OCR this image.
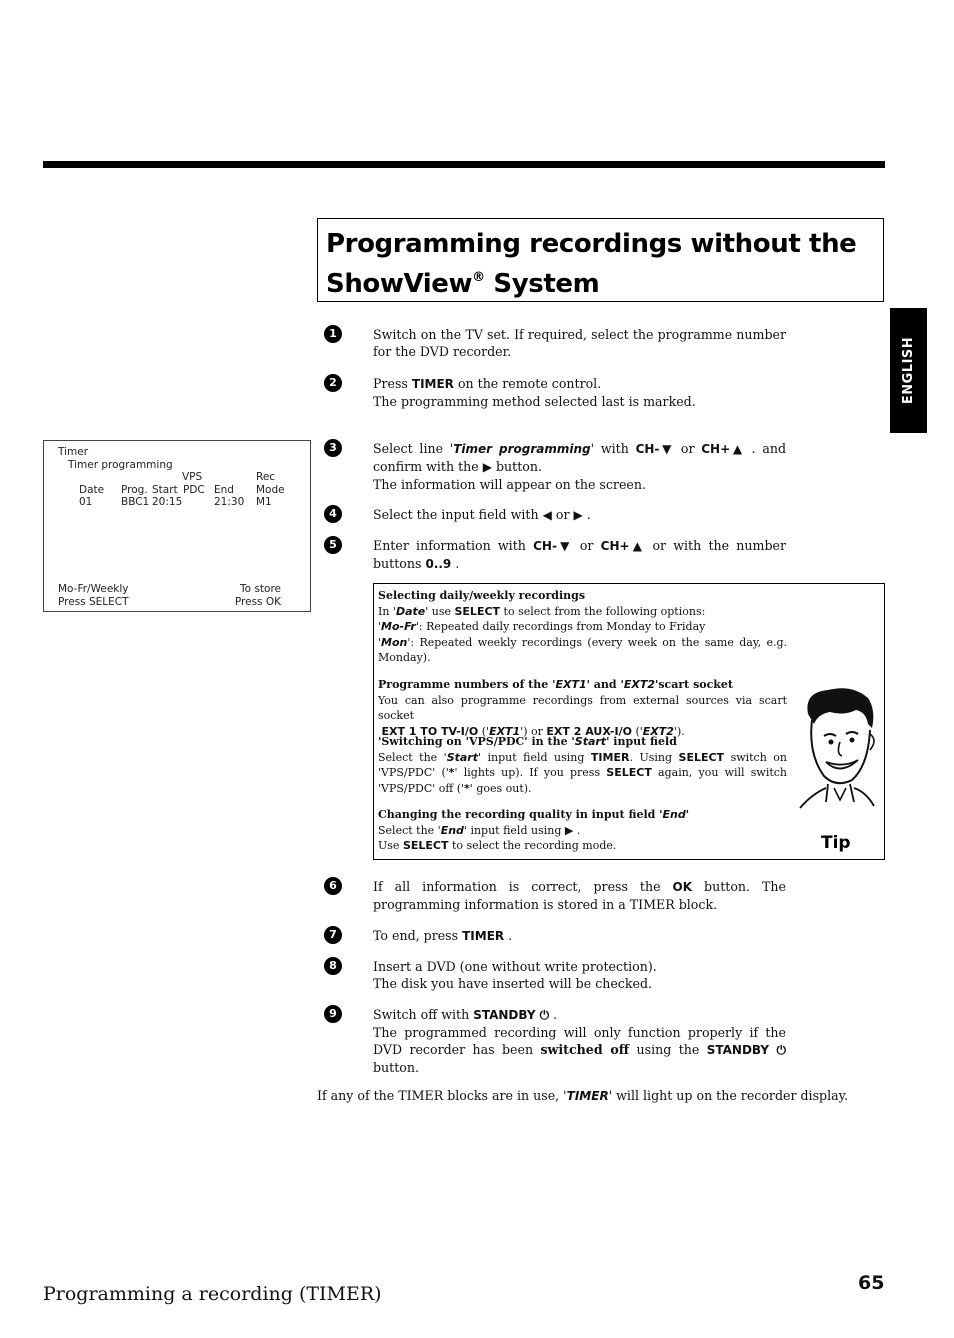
Programming recordings without the
ShowView® System
ENGLISH
Timer
Timer programming
VPS	Rec
Date Prog. Start PDC End Mode
01	BBC1 20:15	21:30 M1
Mo-Fr/Weekly
Press SELECT
To store
Press OK
1	Switch on the TV set. If required, select the programme number for the DVD recorder.
2	Press TIMER on the remote control.
The programming method selected last is marked.
3	Select line 'Timer programming' with CH-▼ or CH+▲ . and confirm with the ▶ button.
The information will appear on the screen.
4	Select the input field with ◀ or ▶ .
5	Enter information with CH-▼ or CH+▲ or with the number buttons 0..9 .
Selecting daily/weekly recordings
In 'Date' use SELECT to select from the following options:
'Mo-Fr': Repeated daily recordings from Monday to Friday
'Mon': Repeated weekly recordings (every week on the same day, e.g. Monday).
Programme numbers of the 'EXT1' and 'EXT2'scart socket
You can also programme recordings from external sources via scart socket
EXT 1 TO TV-I/O ('EXT1') or EXT 2 AUX-I/O ('EXT2').
'Switching on 'VPS/PDC' in the 'Start' input field
Select the 'Start' input field using TIMER. Using SELECT switch on 'VPS/PDC' ('*' lights up). If you press SELECT again, you will switch 'VPS/PDC' off ('*' goes out).
Changing the recording quality in input field 'End'
Select the 'End' input field using ▶ .
Use SELECT to select the recording mode.	Tip
6	If all information is correct, press the OK button. The programming information is stored in a TIMER block.
7	To end, press TIMER .
8	Insert a DVD (one without write protection).
The disk you have inserted will be checked.
9	Switch off with STANDBY ⏻ .
The programmed recording will only function properly if the DVD recorder has been switched off using the STANDBY ⏻ button.
If any of the TIMER blocks are in use, 'TIMER' will light up on the recorder display.
Programming a recording (TIMER)	65
